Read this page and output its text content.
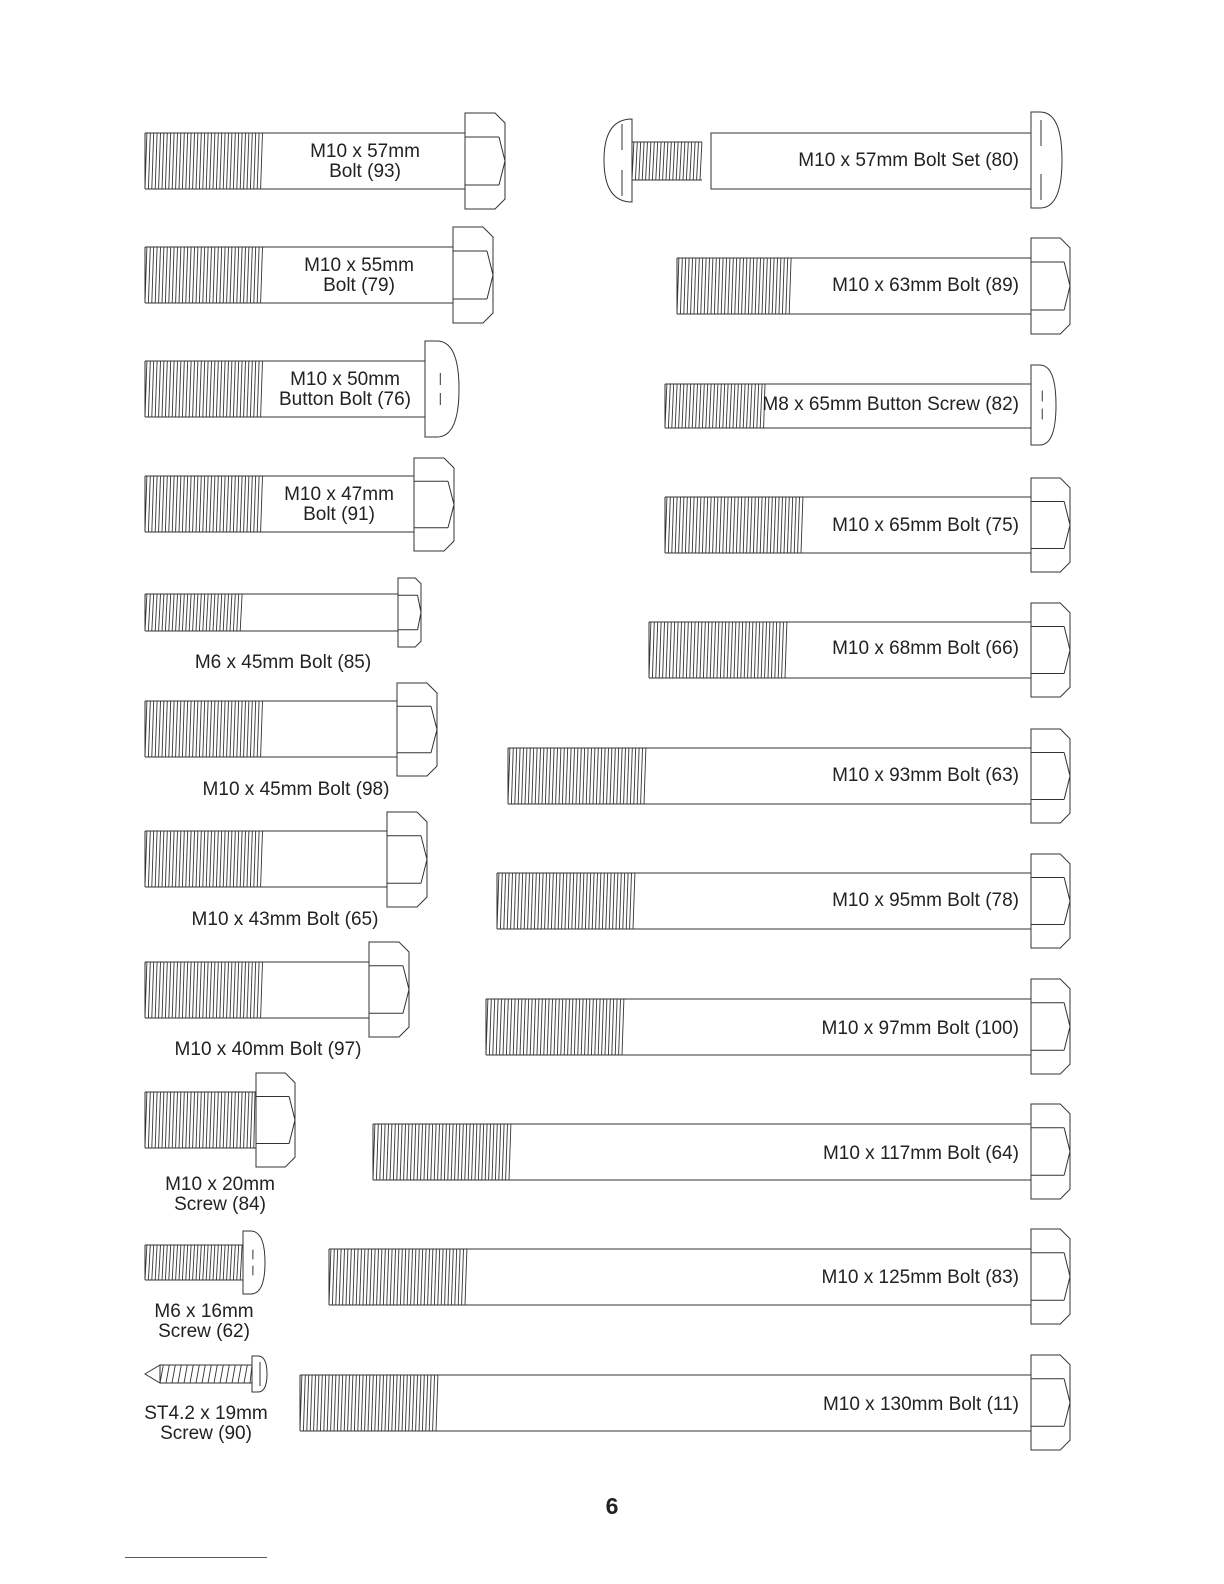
M10 x 57mm
Bolt (93)
M10 x 55mm
Bolt (79)
M10 x 50mm
Button Bolt (76)
M10 x 47mm
Bolt (91)
M6 x 45mm Bolt (85)
M10 x 45mm Bolt (98)
M10 x 43mm Bolt (65)
M10 x 40mm Bolt (97)
M10 x 20mm
Screw (84)
M6 x 16mm
Screw (62)
ST4.2 x 19mm
Screw (90)
M10 x 57mm Bolt Set (80)
M10 x 63mm Bolt (89)
M8 x 65mm Button Screw (82)
M10 x 65mm Bolt (75)
M10 x 68mm Bolt (66)
M10 x 93mm Bolt (63)
M10 x 95mm Bolt (78)
M10 x 97mm Bolt (100)
M10 x 117mm Bolt (64)
M10 x 125mm Bolt (83)
M10 x 130mm Bolt (11)
6
